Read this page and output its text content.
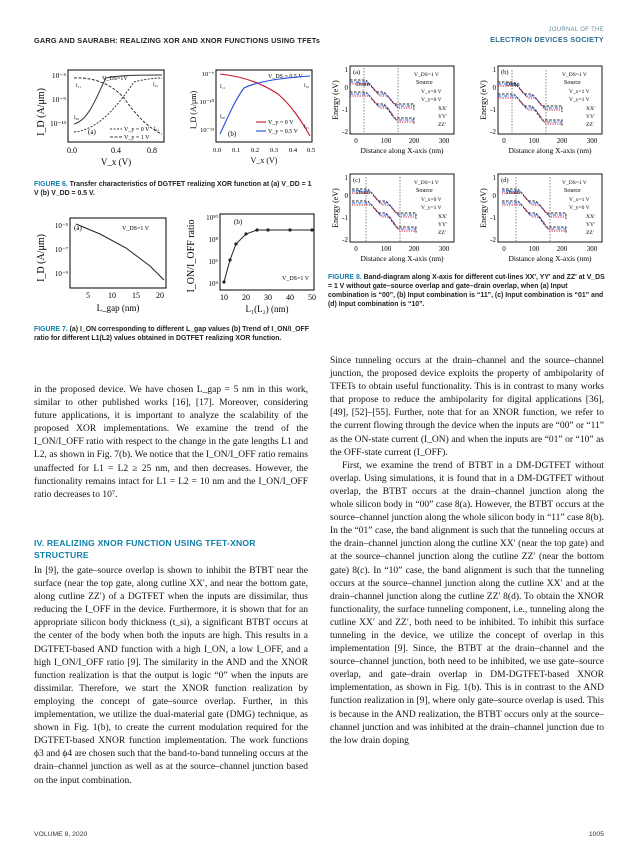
GARG AND SAURABH: REALIZING XOR AND XNOR FUNCTIONS USING TFETs
JOURNAL OF THE
ELECTRON DEVICES SOCIETY
I_D (A/μm)
10⁻⁵
10⁻⁹
10⁻¹³
0.0	0.4	0.8
V_x (V)
V_DS=1V
I₁₁	I₁₀
I₀₀
I₀₁
(a)	V_y = 0 V
V_y = 1 V
I_D (A/μm)
10⁻⁷
10⁻¹⁰
10⁻¹³
0.0 0.1 0.2 0.3 0.4 0.5
V_x (V)
V_DS = 0.5 V
I₁₁	I₁₀
I₀₀
I₀₁
(b)
V_y = 0 V
V_y = 0.5 V
FIGURE 6. Transfer characteristics of DGTFET realizing XOR function at (a) V_DD = 1 V (b) V_DD = 0.5 V.
I_D (A/μm)
10⁻⁵
10⁻⁷
10⁻⁹
5 10 15 20
L_gap (nm)
V_DS=1 V
(a)	I_ON/I_OFF ratio
10¹⁰
10⁸
10⁶
10⁴
10 20 30 40 50
L₁(L₂) (nm)
V_DS=1 V
(b)
FIGURE 7. (a) I_ON corresponding to different L_gap values (b) Trend of I_ON/I_OFF ratio for different L1(L2) values obtained in DGTFET realizing XOR function.
Energy (eV)
1
0
-1
-2
(a)
Drain
V_DS=1 V
Source
V_x=0 V
V_y=0 V
XX′
YY′
ZZ′
0	100	200	300
Distance along X-axis (nm)
Energy (eV)
1
0
-1
-2
(b)
Drain
V_DS=1 V
Source
V_x=1 V
V_y=1 V
XX′
YY′
ZZ′
0	100	200	300
Distance along X-axis (nm)
Energy (eV)
1
0
-1
-2
(c)
Drain
V_DS=1 V
Source
V_x=0 V
V_y=1 V
XX′
YY′
ZZ′
0	100	200	300
Distance along X-axis (nm)
Energy (eV)
1
0
-1
-2
(d)
Drain
V_DS=1 V
Source
V_x=1 V
V_y=0 V
XX′
YY′
ZZ′
0	100	200	300
Distance along X-axis (nm)
FIGURE 8. Band-diagram along X-axis for different cut-lines XX′, YY′ and ZZ′ at V_DS = 1 V without gate–source overlap and gate–drain overlap, when (a) Input combination is “00”, (b) Input combination is “11”, (c) Input combination is “01” and (d) Input combination is “10”.

in the proposed device. We have chosen L_gap = 5 nm in this work, similar to other published works [16], [17]. Moreover, considering future applications, it is important to analyze the scalability of the proposed XOR implementations. We examine the trend of the I_ON/I_OFF ratio with respect to the change in the gate lengths L1 and L2, as shown in Fig. 7(b). We notice that the I_ON/I_OFF ratio remains unaffected for L1 = L2 ≥ 25 nm, and then decreases. However, the functionality remains intact for L1 = L2 = 10 nm and the I_ON/I_OFF ratio decreases to 10⁷.

IV. REALIZING XNOR FUNCTION USING TFET-XNOR STRUCTURE

In [9], the gate–source overlap is shown to inhibit the BTBT near the surface (near the top gate, along cutline XX′, and near the bottom gate, along cutline ZZ′) of a DGTFET when the inputs are dissimilar, thus reducing the I_OFF in the device. Furthermore, it is shown that for an appropriate silicon body thickness (t_si), a significant BTBT occurs at the center of the body when both the inputs are high. This results in a DGTFET-based AND function with a high I_ON, a low I_OFF, and a high I_ON/I_OFF ratio [9]. The similarity in the AND and the XNOR function realization is that the output is logic “0” when the inputs are dissimilar. Therefore, we start the XNOR function realization by employing the concept of gate–source overlap. Further, in this implementation, we utilize the dual-material gate (DMG) technique, as shown in Fig. 1(b), to create the current modulation required for the DGTFET-based XNOR function implementation. The work functions ϕ3 and ϕ4 are chosen such that the band-to-band tunneling occurs at the drain–channel junction as well as at the source–channel junction based on the input combination.

Since tunneling occurs at the drain–channel and the source–channel junction, the proposed device exploits the property of ambipolarity of TFETs to obtain useful functionality. This is in contrast to many works that propose to reduce the ambipolarity for digital applications [36], [49], [52]–[55]. Further, note that for an XNOR function, we refer to the current flowing through the device when the inputs are “00” or “11” as the ON-state current (I_ON) and when the inputs are “01” or “10” as the OFF-state current (I_OFF).

First, we examine the trend of BTBT in a DM-DGTFET without overlap. Using simulations, it is found that in a DM-DGTFET without overlap, the BTBT occurs at the drain–channel junction along the whole silicon body in “00” case 8(a). However, the BTBT occurs at the source–channel junction along the whole silicon body in “11” case 8(b). In the “01” case, the band alignment is such that the tunneling occurs at the drain–channel junction along the cutline XX′ (near the top gate) and at the source–channel junction along the cutline ZZ′ (near the bottom gate) 8(c). In “10” case, the band alignment is such that the tunneling occurs at the source–channel junction along the cutline XX′ and at the drain–channel junction along the cutline ZZ′ 8(d). To obtain the XNOR functionality, the surface tunneling component, i.e., tunneling along the cutline XX′ and ZZ′, both need to be inhibited. To inhibit this surface tunneling in the device, we utilize the concept of overlap in this implementation [9]. Since, the BTBT at the drain–channel and the source–channel junction, both need to be inhibited, we use gate–source overlap, and gate–drain overlap in DM-DGTFET-based XNOR implementation, as shown in Fig. 1(b). This is in contrast to the AND function realization in [9], where only gate–source overlap is used. This is because in the AND realization, the BTBT occurs only at the source–channel junction and was inhibited at the drain–channel junction due to the low drain doping

VOLUME 8, 2020	1005
